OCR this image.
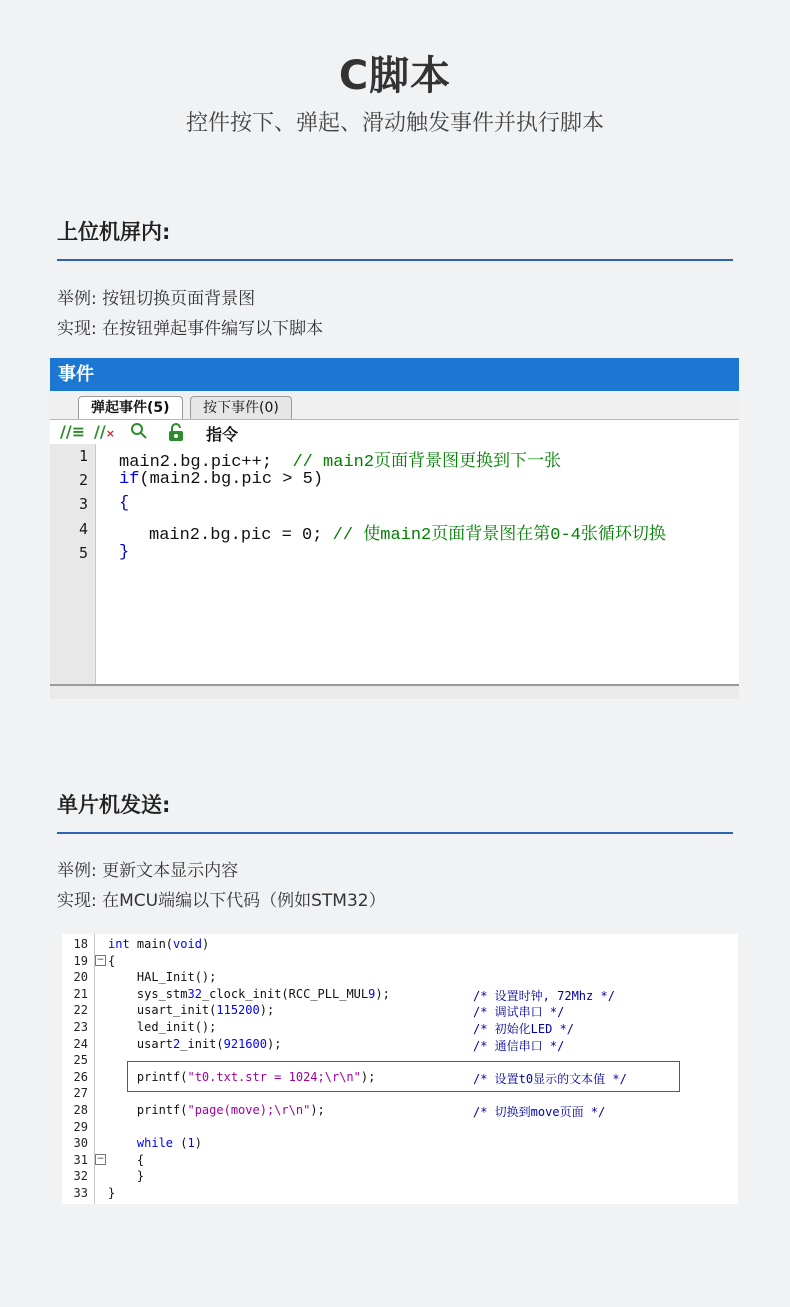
C脚本
控件按下、弹起、滑动触发事件并执行脚本
上位机屏内:
举例: 按钮切换页面背景图
实现: 在按钮弹起事件编写以下脚本
事件
弹起事件(5)	按下事件(0)
//≡ //×	指令
1
2
3
4
5
main2.bg.pic++; // main2页面背景图更换到下一张
if(main2.bg.pic > 5)
{
main2.bg.pic = 0; // 使main2页面背景图在第0-4张循环切换
}
单片机发送:
举例: 更新文本显示内容
实现: 在MCU端编以下代码（例如STM32）
−
−
18 int main(void)
19 {
20 HAL_Init();
21 sys_stm32_clock_init(RCC_PLL_MUL9);	/* 设置时钟, 72Mhz */
22 usart_init(115200);	/* 调试串口 */
23 led_init();	/* 初始化LED */
24 usart2_init(921600);	/* 通信串口 */
25
26 printf("t0.txt.str = 1024;\r\n");	/* 设置t0显示的文本值 */
27
28 printf("page(move);\r\n");	/* 切换到move页面 */
29
30	while (1)
31 {
32 }
33 }
